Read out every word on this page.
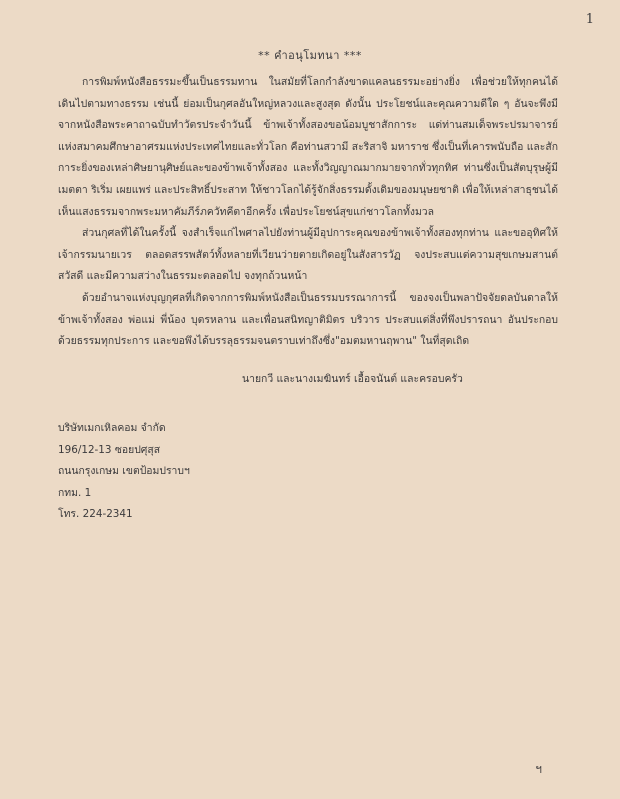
1
** คำอนุโมทนา ***

การพิมพ์หนังสือธรรมะขึ้นเป็นธรรมทาน ในสมัยที่โลกกำลังขาดแคลนธรรมะอย่างยิ่ง เพื่อช่วยให้ทุกคนได้เดินไปตามทางธรรม เช่นนี้ ย่อมเป็นกุศลอันใหญ่หลวงและสูงสุด ดังนั้น ประโยชน์และคุณความดีใด ๆ อันจะพึงมีจากหนังสือพระคาถาฉบับทำวัตรประจำวันนี้ ข้าพเจ้าทั้งสองขอน้อมบูชาสักการะ แด่ท่านสมเด็จพระปรมาจารย์แห่งสมาคมศึกษาอาศรมแห่งประเทศไทยและทั่วโลก คือท่านสวามี สะริสาจิ มหาราช ซึ่งเป็นที่เคารพนับถือ และสักการะยิ่งของเหล่าศิษยานุศิษย์และของข้าพเจ้าทั้งสอง และทั้งวิญญาณมากมายจากทั่วทุกทิศ ท่านซึ่งเป็นสัตบุรุษผู้มีเมตตา ริเริ่ม เผยแพร่ และประสิทธิ์ประสาท ให้ชาวโลกได้รู้จักสิ่งธรรมดั้งเดิมของมนุษยชาติ เพื่อให้เหล่าสาธุชนได้เห็นแสงธรรมจากพระมหาคัมภีร์ภควัทคีตาอีกครั้ง เพื่อประโยชน์สุขแก่ชาวโลกทั้งมวล

ส่วนกุศลที่ได้ในครั้งนี้ จงสำเร็จแก่ไพศาลไปยังท่านผู้มีอุปการะคุณของข้าพเจ้าทั้งสองทุกท่าน และขออุทิศให้เจ้ากรรมนายเวร ตลอดสรรพสัตว์ทั้งหลายที่เวียนว่ายตายเกิดอยู่ในสังสารวัฏ จงประสบแต่ความสุขเกษมสานต์ สวัสดี และมีความสว่างในธรรมะตลอดไป จงทุกถ้วนหน้า

ด้วยอำนาจแห่งบุญกุศลที่เกิดจากการพิมพ์หนังสือเป็นธรรมบรรณาการนี้ ของจงเป็นพลาปัจจัยดลบันดาลให้ข้าพเจ้าทั้งสอง พ่อแม่ พี่น้อง บุตรหลาน และเพื่อนสนิทญาติมิตร บริวาร ประสบแต่สิ่งที่พึงปรารถนา อันประกอบด้วยธรรมทุกประการ และขอพึงได้บรรลุธรรมจนตราบเท่าถึงซึ่ง"อมตมหานฤพาน" ในที่สุดเถิด

นายกวี และนางเมฆินทร์ เอื้อจนันต์ และครอบครัว
บริษัทเมกเหิลคอม จำกัด
196/12-13 ซอยปศุสุส
ถนนกรุงเกษม เขตป้อมปราบฯ
กทม. 1
โทร. 224-2341
ฯ
